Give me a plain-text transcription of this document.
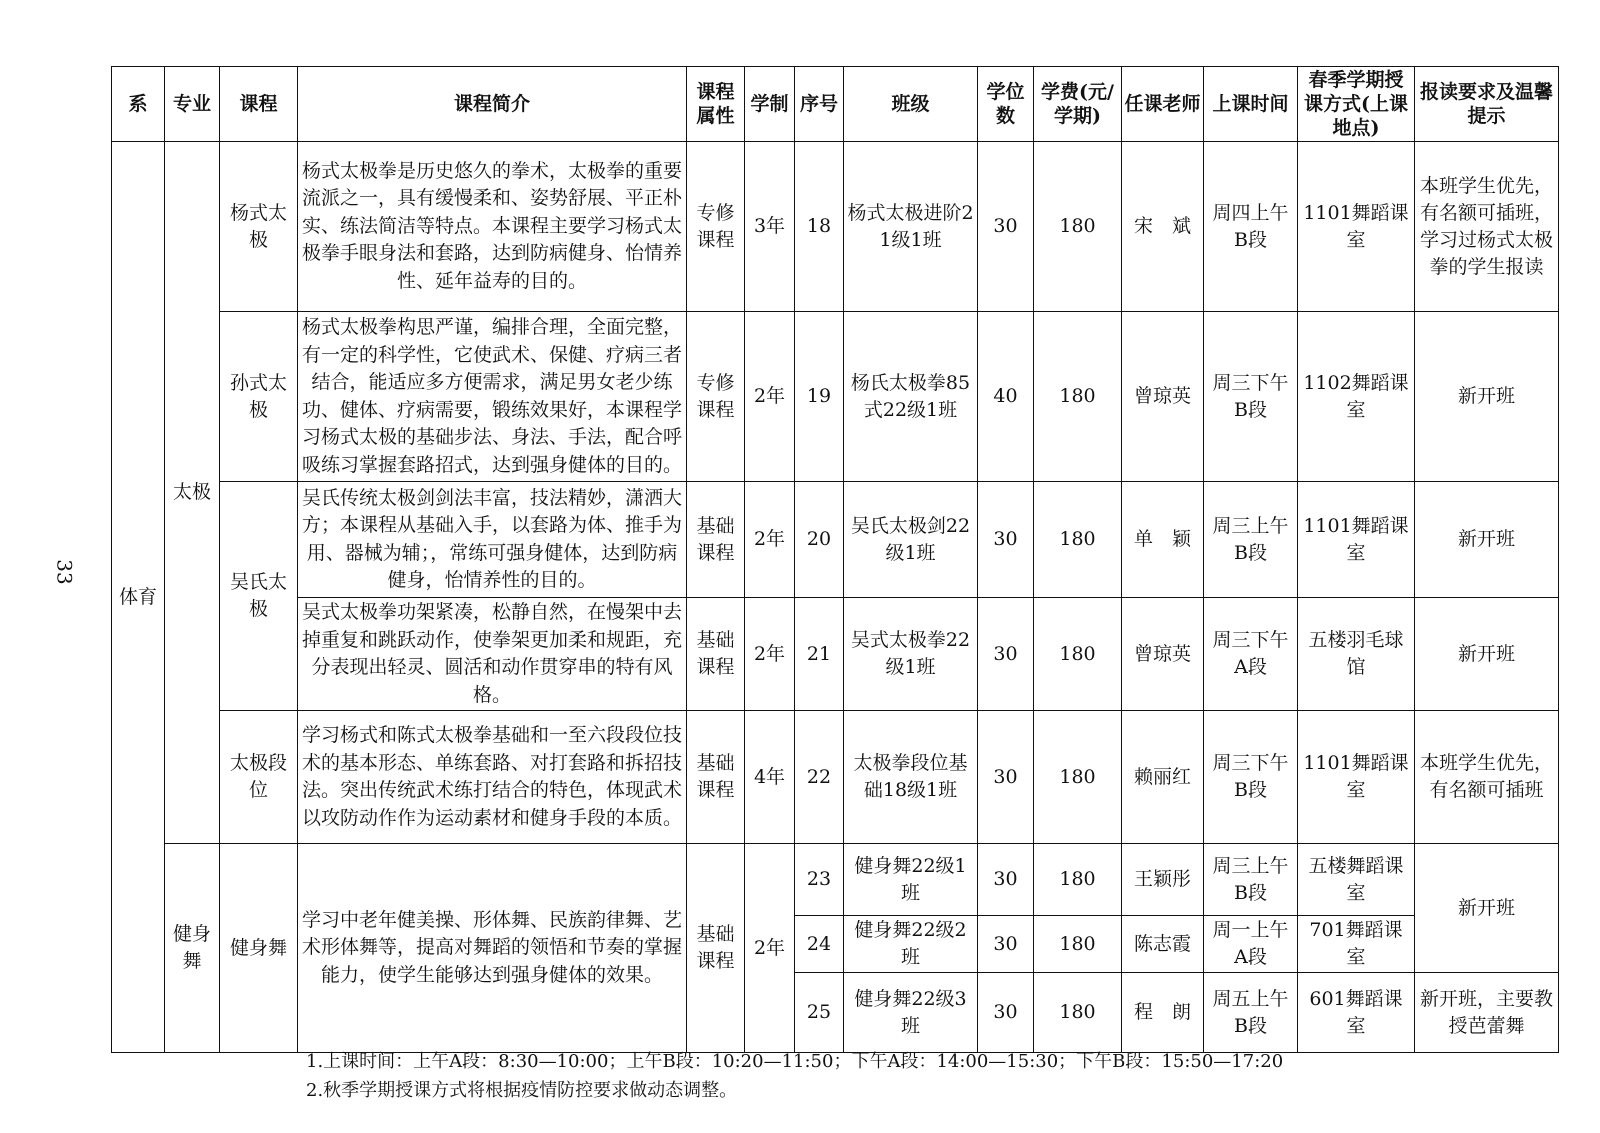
33
系	专业	课程	课程简介	课程属性	学制	序号	班级	学位数	学费(元/学期)	任课老师	上课时间	春季学期授课方式(上课地点)	报读要求及温馨提示
体育	太极	杨式太极	杨式太极拳是历史悠久的拳术，太极拳的重要流派之一，具有缓慢柔和、姿势舒展、平正朴实、练法简洁等特点。本课程主要学习杨式太极拳手眼身法和套路，达到防病健身、怡情养性、延年益寿的目的。	专修课程	3年	18	杨式太极进阶21级1班	30	180	宋　斌	周四上午B段	1101舞蹈课室	本班学生优先，有名额可插班，学习过杨式太极拳的学生报读
		孙式太极	杨式太极拳构思严谨，编排合理，全面完整，有一定的科学性，它使武术、保健、疗病三者结合，能适应多方便需求，满足男女老少练功、健体、疗病需要，锻练效果好，本课程学习杨式太极的基础步法、身法、手法，配合呼吸练习掌握套路招式，达到强身健体的目的。	专修课程	2年	19	杨氏太极拳85式22级1班	40	180	曾琼英	周三下午B段	1102舞蹈课室	新开班
		吴氏太极	吴氏传统太极剑剑法丰富，技法精妙，潇洒大方；本课程从基础入手，以套路为体、推手为用、器械为辅；，常练可强身健体，达到防病健身，怡情养性的目的。	基础课程	2年	20	吴氏太极剑22级1班	30	180	单　颖	周三上午B段	1101舞蹈课室	新开班
			吴式太极拳功架紧凑，松静自然，在慢架中去掉重复和跳跃动作，使拳架更加柔和规距，充分表现出轻灵、圆活和动作贯穿串的特有风格。	基础课程	2年	21	吴式太极拳22级1班	30	180	曾琼英	周三下午A段	五楼羽毛球馆	新开班
		太极段位	学习杨式和陈式太极拳基础和一至六段段位技术的基本形态、单练套路、对打套路和拆招技法。突出传统武术练打结合的特色，体现武术以攻防动作作为运动素材和健身手段的本质。	基础课程	4年	22	太极拳段位基础18级1班	30	180	赖丽红	周三下午B段	1101舞蹈课室	本班学生优先，有名额可插班
	健身舞	健身舞	学习中老年健美操、形体舞、民族韵律舞、艺术形体舞等，提高对舞蹈的领悟和节奏的掌握能力，使学生能够达到强身健体的效果。	基础课程	2年	23	健身舞22级1班	30	180	王颖彤	周三上午B段	五楼舞蹈课室	新开班
						24	健身舞22级2班	30	180	陈志霞	周一上午A段	701舞蹈课室	
						25	健身舞22级3班	30	180	程　朗	周五上午B段	601舞蹈课室	新开班，主要教授芭蕾舞
1.上课时间：上午A段：8:30—10:00；上午B段：10:20—11:50；下午A段：14:00—15:30；下午B段：15:50—17:20
2.秋季学期授课方式将根据疫情防控要求做动态调整。
